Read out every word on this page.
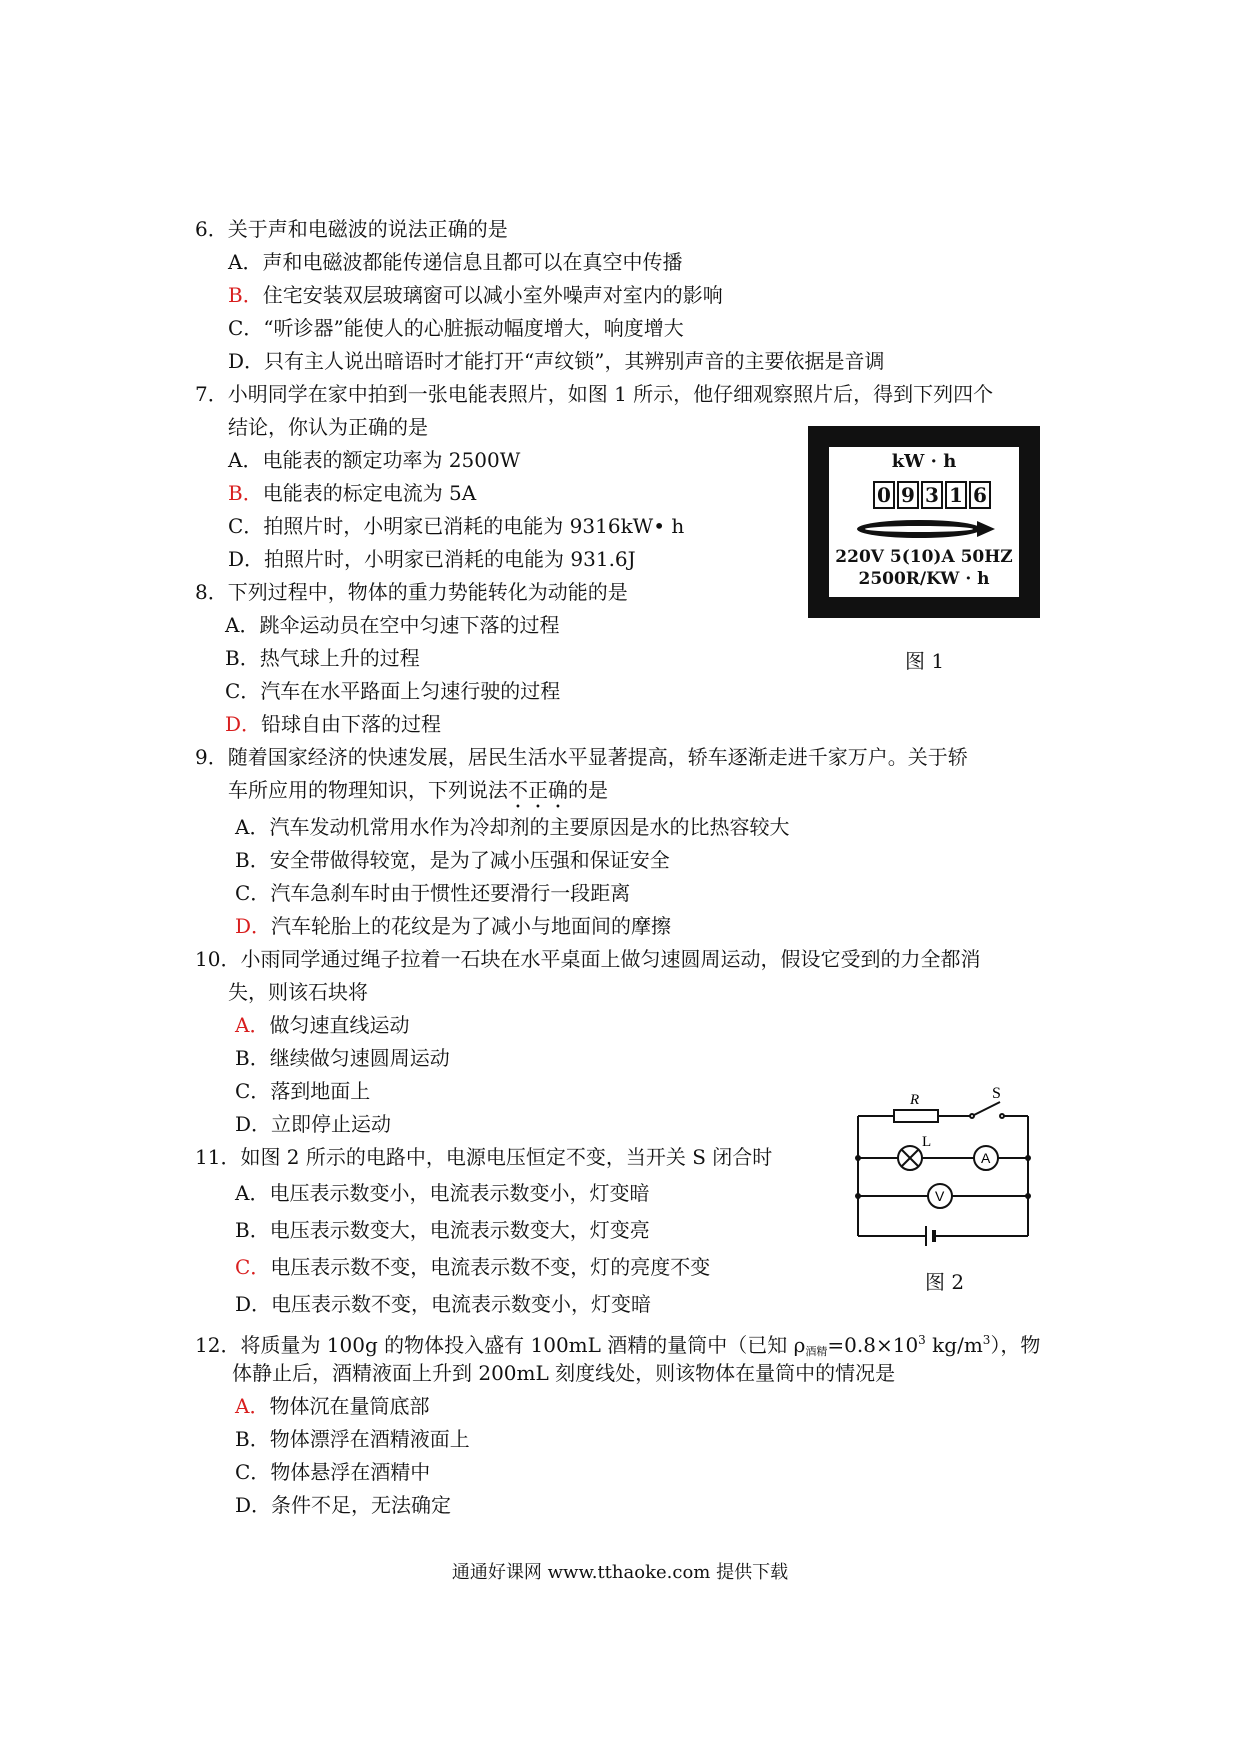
6．关于声和电磁波的说法正确的是
A．声和电磁波都能传递信息且都可以在真空中传播
B．住宅安装双层玻璃窗可以减小室外噪声对室内的影响
C．“听诊器”能使人的心脏振动幅度增大，响度增大
D．只有主人说出暗语时才能打开“声纹锁”，其辨别声音的主要依据是音调
7．小明同学在家中拍到一张电能表照片，如图 1 所示，他仔细观察照片后，得到下列四个
结论，你认为正确的是
A．电能表的额定功率为 2500W
B．电能表的标定电流为 5A
C．拍照片时，小明家已消耗的电能为 9316kW• h
D．拍照片时，小明家已消耗的电能为 931.6J
kW · h
0 9 3 1 6
220V 5(10)A 50HZ
2500R/KW · h
图 1
8．下列过程中，物体的重力势能转化为动能的是
A．跳伞运动员在空中匀速下落的过程
B．热气球上升的过程
C．汽车在水平路面上匀速行驶的过程
D．铅球自由下落的过程
9．随着国家经济的快速发展，居民生活水平显著提高，轿车逐渐走进千家万户。关于轿
车所应用的物理知识，下列说法不正确的是
A．汽车发动机常用水作为冷却剂的主要原因是水的比热容较大
B．安全带做得较宽，是为了减小压强和保证安全
C．汽车急刹车时由于惯性还要滑行一段距离
D．汽车轮胎上的花纹是为了减小与地面间的摩擦
10．小雨同学通过绳子拉着一石块在水平桌面上做匀速圆周运动，假设它受到的力全都消
失，则该石块将
A．做匀速直线运动
B．继续做匀速圆周运动
C．落到地面上
D．立即停止运动
11．如图 2 所示的电路中，电源电压恒定不变，当开关 S 闭合时
A．电压表示数变小，电流表示数变小，灯变暗
B．电压表示数变大，电流表示数变大，灯变亮
C．电压表示数不变，电流表示数不变，灯的亮度不变
D．电压表示数不变，电流表示数变小，灯变暗
R	S
L
A
V
图 2
12．将质量为 100g 的物体投入盛有 100mL 酒精的量筒中（已知 $\rho_{酒精}=0.8\times 10^3$ $kg/m^3$），物
体静止后，酒精液面上升到 200mL 刻度线处，则该物体在量筒中的情况是
A．物体沉在量筒底部
B．物体漂浮在酒精液面上
C．物体悬浮在酒精中
D．条件不足，无法确定
通通好课网 www.tthaoke.com 提供下载
